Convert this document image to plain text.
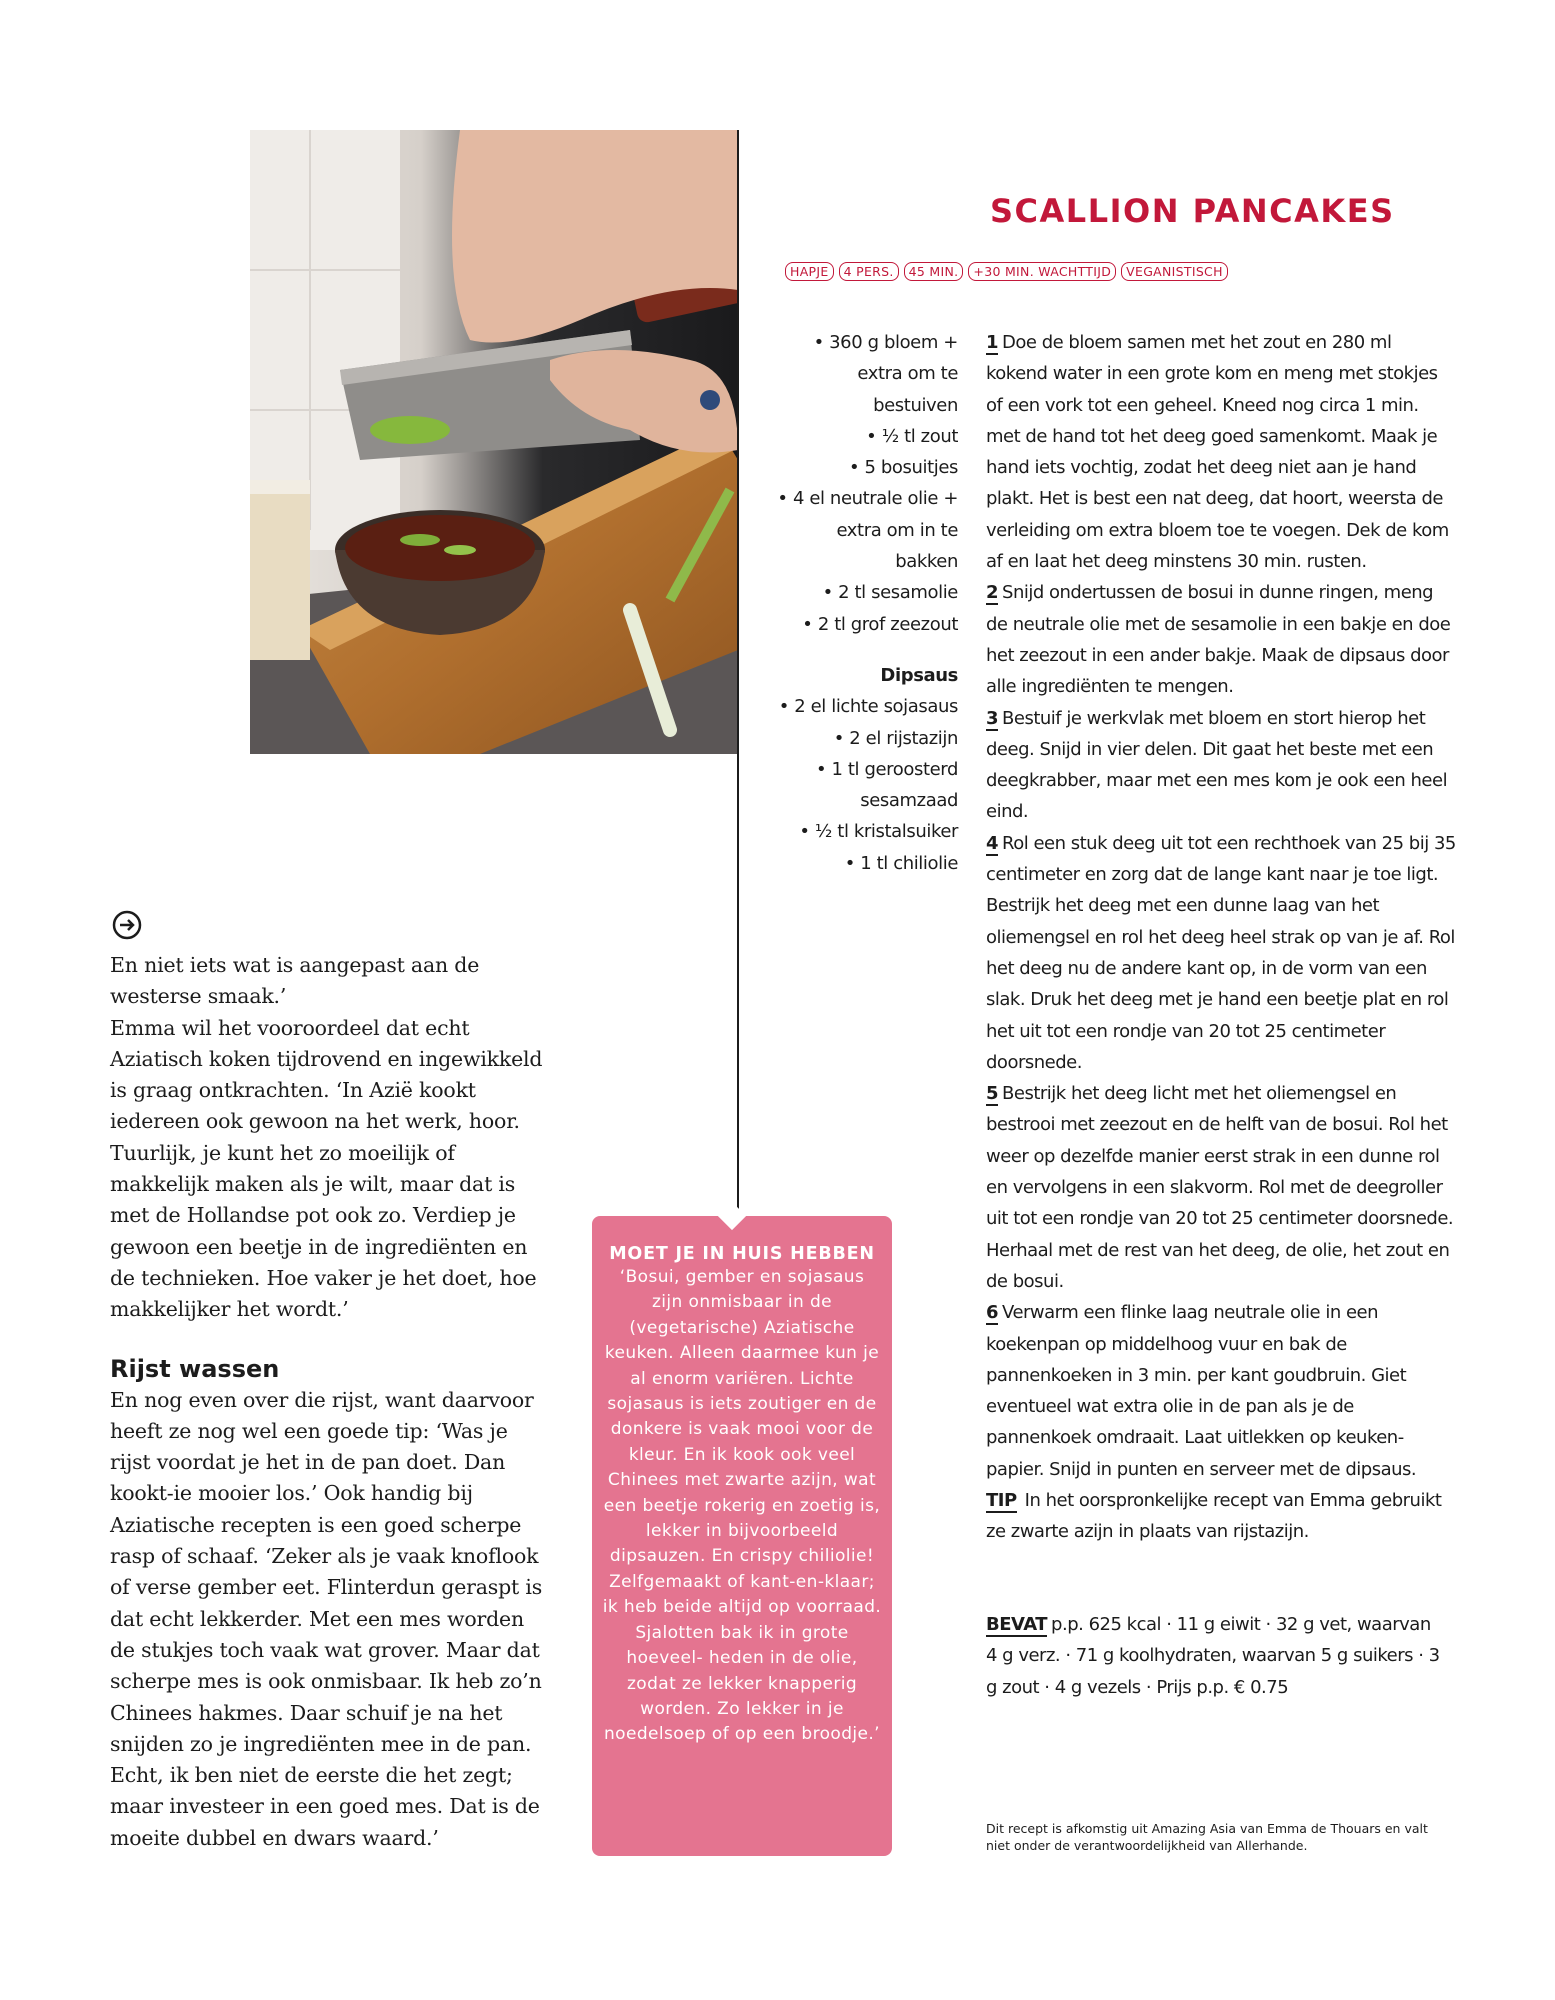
En niet iets wat is aangepast aan de westerse smaak.’

Emma wil het vooroordeel dat echt Aziatisch koken tijdrovend en ingewikkeld is graag ontkrachten. ‘In Azië kookt iedereen ook gewoon na het werk, hoor. Tuurlijk, je kunt het zo moeilijk of makkelijk maken als je wilt, maar dat is met de Hollandse pot ook zo. Verdiep je gewoon een beetje in de ingrediënten en de technieken. Hoe vaker je het doet, hoe makkelijker het wordt.’

Rijst wassen

En nog even over die rijst, want daarvoor heeft ze nog wel een goede tip: ‘Was je rijst voordat je het in de pan doet. Dan kookt-ie mooier los.’ Ook handig bij Aziatische recepten is een goed scherpe rasp of schaaf. ‘Zeker als je vaak knoflook of verse gember eet. Flinterdun geraspt is dat echt lekkerder. Met een mes worden de stukjes toch vaak wat grover. Maar dat scherpe mes is ook onmisbaar. Ik heb zo’n Chinees hakmes. Daar schuif je na het snijden zo je ingrediënten mee in de pan. Echt, ik ben niet de eerste die het zegt; maar investeer in een goed mes. Dat is de moeite dubbel en dwars waard.’

SCALLION PANCAKES
HAPJE	4 PERS.	45 MIN.	+30 MIN. WACHTTIJD	VEGANISTISCH
• 360 g bloem +
extra om te
bestuiven
• ½ tl zout
• 5 bosuitjes
• 4 el neutrale olie +
extra om in te
bakken
• 2 tl sesamolie
• 2 tl grof zeezout
Dipsaus
• 2 el lichte sojasaus
• 2 el rijstazijn
• 1 tl geroosterd
sesamzaad
• ½ tl kristalsuiker
• 1 tl chiliolie

1 Doe de bloem samen met het zout en 280 ml kokend water in een grote kom en meng met stokjes of een vork tot een geheel. Kneed nog circa 1 min. met de hand tot het deeg goed samenkomt. Maak je hand iets vochtig, zodat het deeg niet aan je hand plakt. Het is best een nat deeg, dat hoort, weersta de verleiding om extra bloem toe te voegen. Dek de kom af en laat het deeg minstens 30 min. rusten.

2 Snijd ondertussen de bosui in dunne ringen, meng de neutrale olie met de sesamolie in een bakje en doe het zeezout in een ander bakje. Maak de dipsaus door alle ingrediënten te mengen.

3 Bestuif je werkvlak met bloem en stort hierop het deeg. Snijd in vier delen. Dit gaat het beste met een deegkrabber, maar met een mes kom je ook een heel eind.

4 Rol een stuk deeg uit tot een rechthoek van 25 bij 35 centimeter en zorg dat de lange kant naar je toe ligt. Bestrijk het deeg met een dunne laag van het oliemengsel en rol het deeg heel strak op van je af. Rol het deeg nu de andere kant op, in de vorm van een slak. Druk het deeg met je hand een beetje plat en rol het uit tot een rondje van 20 tot 25 centimeter doorsnede.

5 Bestrijk het deeg licht met het oliemengsel en bestrooi met zeezout en de helft van de bosui. Rol het weer op dezelfde manier eerst strak in een dunne rol en vervolgens in een slakvorm. Rol met de deegroller uit tot een rondje van 20 tot 25 centimeter doorsnede. Herhaal met de rest van het deeg, de olie, het zout en de bosui.

6 Verwarm een flinke laag neutrale olie in een koekenpan op middelhoog vuur en bak de pannenkoeken in 3 min. per kant goudbruin. Giet eventueel wat extra olie in de pan als je de pannenkoek omdraait. Laat uitlekken op keuken- papier. Snijd in punten en serveer met de dipsaus.

TIP In het oorspronkelijke recept van Emma gebruikt ze zwarte azijn in plaats van rijstazijn.

BEVAT p.p. 625 kcal · 11 g eiwit · 32 g vet, waarvan 4 g verz. · 71 g koolhydraten, waarvan 5 g suikers · 3 g zout · 4 g vezels · Prijs p.p. € 0.75

Dit recept is afkomstig uit Amazing Asia van Emma de Thouars en valt niet onder de verantwoordelijkheid van Allerhande.

MOET JE IN HUIS HEBBEN

‘Bosui, gember en sojasaus zijn onmisbaar in de (vegetarische) Aziatische keuken. Alleen daarmee kun je al enorm variëren. Lichte sojasaus is iets zoutiger en de donkere is vaak mooi voor de kleur. En ik kook ook veel Chinees met zwarte azijn, wat een beetje rokerig en zoetig is, lekker in bijvoorbeeld dipsauzen. En crispy chiliolie! Zelfgemaakt of kant-en-klaar; ik heb beide altijd op voorraad. Sjalotten bak ik in grote hoeveel- heden in de olie, zodat ze lekker knapperig worden. Zo lekker in je noedelsoep of op een broodje.’
